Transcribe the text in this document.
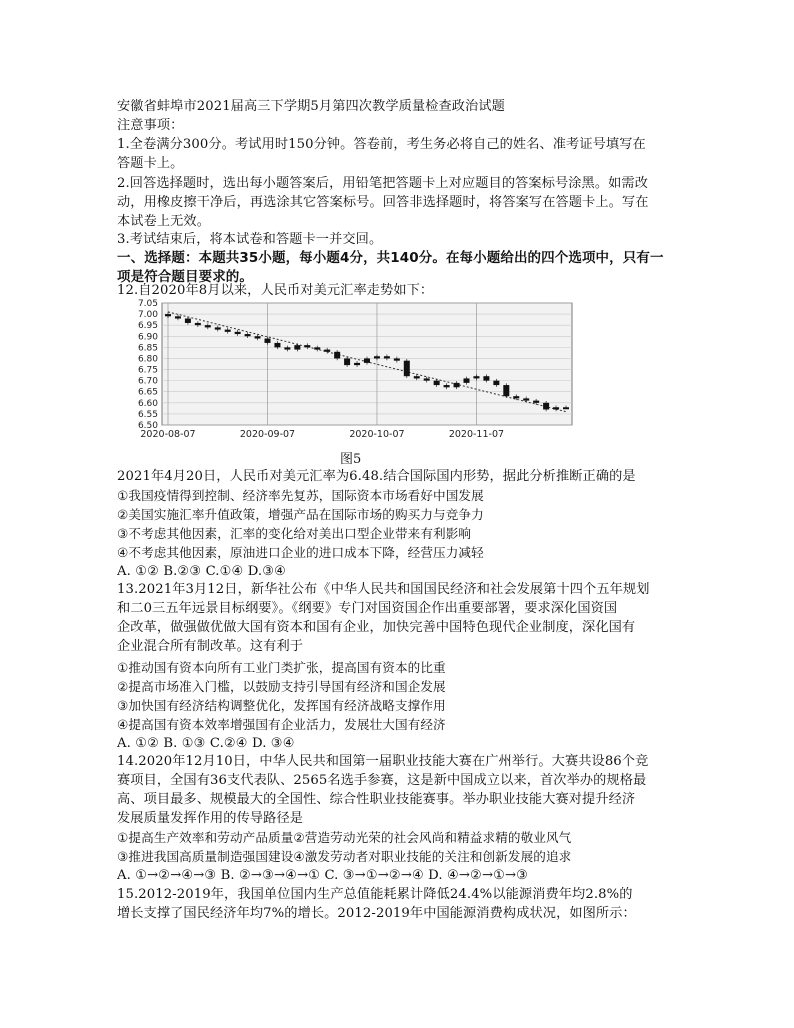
安徽省蚌埠市2021届高三下学期5月第四次教学质量检查政治试题
注意事项：
1.全卷满分300分。考试用时150分钟。答卷前，考生务必将自己的姓名、准考证号填写在
答题卡上。
2.回答选择题时，选出每小题答案后，用铅笔把答题卡上对应题目的答案标号涂黑。如需改
动，用橡皮擦干净后，再选涂其它答案标号。回答非选择题时，将答案写在答题卡上。写在
本试卷上无效。
3.考试结束后，将本试卷和答题卡一并交回。
一、选择题：本题共35小题，每小题4分，共140分。在每小题给出的四个选项中，只有一
项是符合题目要求的。
12.自2020年8月以来，人民币对美元汇率走势如下：
7.05
7.00
6.95
6.90
6.85
6.80
6.75
6.70
6.65
6.60
6.55
6.50
2020-08-07	2020-09-07	2020-10-07	2020-11-07
图5
2021年4月20日，人民币对美元汇率为6.48.结合国际国内形势，据此分析推断正确的是
①我国疫情得到控制、经济率先复苏，国际资本市场看好中国发展
②美国实施汇率升值政策，增强产品在国际市场的购买力与竞争力
③不考虑其他因素，汇率的变化给对美出口型企业带来有利影响
④不考虑其他因素，原油进口企业的进口成本下降，经营压力减轻
A. ①② B.②③ C.①④ D.③④
13.2021年3月12日，新华社公布《中华人民共和国国民经济和社会发展第十四个五年规划
和二0三五年远景目标纲要》。《纲要》专门对国资国企作出重要部署，要求深化国资国
企改革，做强做优做大国有资本和国有企业，加快完善中国特色现代企业制度，深化国有
企业混合所有制改革。这有利于
①推动国有资本向所有工业门类扩张，提高国有资本的比重
②提高市场准入门槛，以鼓励支持引导国有经济和国企发展
③加快国有经济结构调整优化，发挥国有经济战略支撑作用
④提高国有资本效率增强国有企业活力，发展壮大国有经济
A. ①② B. ①③ C.②④ D. ③④
14.2020年12月10日，中华人民共和国第一届职业技能大赛在广州举行。大赛共设86个竞
赛项目，全国有36支代表队、2565名选手参赛，这是新中国成立以来，首次举办的规格最
高、项目最多、规模最大的全国性、综合性职业技能赛事。举办职业技能大赛对提升经济
发展质量发挥作用的传导路径是
①提高生产效率和劳动产品质量②营造劳动光荣的社会风尚和精益求精的敬业风气
③推进我国高质量制造强国建设④激发劳动者对职业技能的关注和创新发展的追求
A. ①→②→④→③ B. ②→③→④→① C. ③→①→②→④ D. ④→②→①→③
15.2012-2019年，我国单位国内生产总值能耗累计降低24.4%以能源消费年均2.8%的
增长支撑了国民经济年均7%的增长。2012-2019年中国能源消费构成状况，如图所示：
